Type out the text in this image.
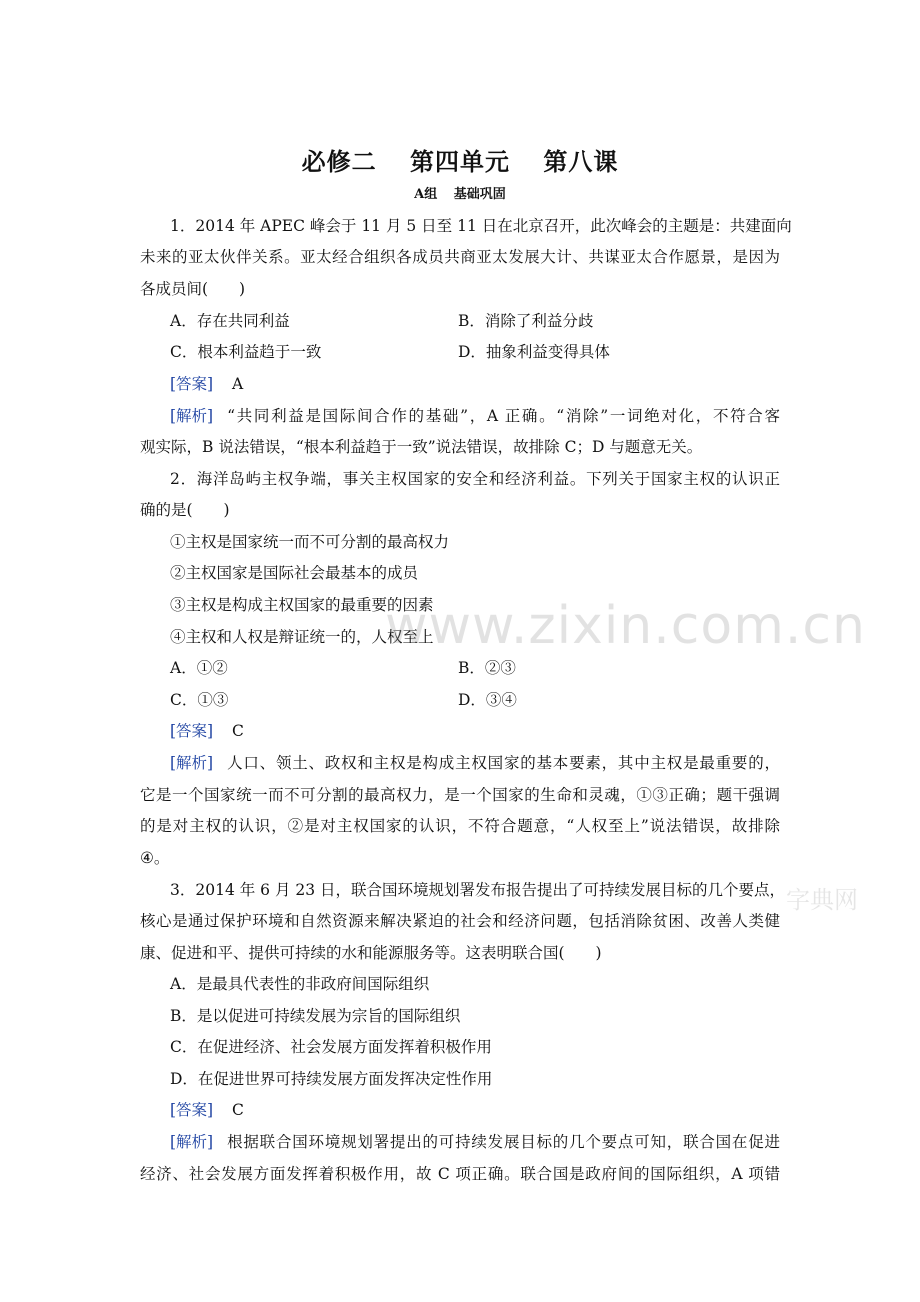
必修二 第四单元 第八课
A组 基础巩固
1．2014 年 APEC 峰会于 11 月 5 日至 11 日在北京召开，此次峰会的主题是：共建面向
未来的亚太伙伴关系。亚太经合组织各成员共商亚太发展大计、共谋亚太合作愿景，是因为
各成员间(　　)
A．存在共同利益	B．消除了利益分歧
C．根本利益趋于一致	D．抽象利益变得具体
[答案] A
[解析] “共同利益是国际间合作的基础”，A 正确。“消除”一词绝对化，不符合客
观实际，B 说法错误，“根本利益趋于一致”说法错误，故排除 C；D 与题意无关。
2．海洋岛屿主权争端，事关主权国家的安全和经济利益。下列关于国家主权的认识正
确的是(　　)
①主权是国家统一而不可分割的最高权力
②主权国家是国际社会最基本的成员
③主权是构成主权国家的最重要的因素
④主权和人权是辩证统一的，人权至上
A．①②	B．②③
C．①③	D．③④
[答案] C
[解析] 人口、领土、政权和主权是构成主权国家的基本要素，其中主权是最重要的，
它是一个国家统一而不可分割的最高权力，是一个国家的生命和灵魂，①③正确；题干强调
的是对主权的认识，②是对主权国家的认识，不符合题意，“人权至上”说法错误，故排除
④。
3．2014 年 6 月 23 日，联合国环境规划署发布报告提出了可持续发展目标的几个要点，
核心是通过保护环境和自然资源来解决紧迫的社会和经济问题，包括消除贫困、改善人类健
康、促进和平、提供可持续的水和能源服务等。这表明联合国(　　)
A．是最具代表性的非政府间国际组织
B．是以促进可持续发展为宗旨的国际组织
C．在促进经济、社会发展方面发挥着积极作用
D．在促进世界可持续发展方面发挥决定性作用
[答案] C
[解析] 根据联合国环境规划署提出的可持续发展目标的几个要点可知，联合国在促进
经济、社会发展方面发挥着积极作用，故 C 项正确。联合国是政府间的国际组织，A 项错
www.zixin.com.cn
字典网
